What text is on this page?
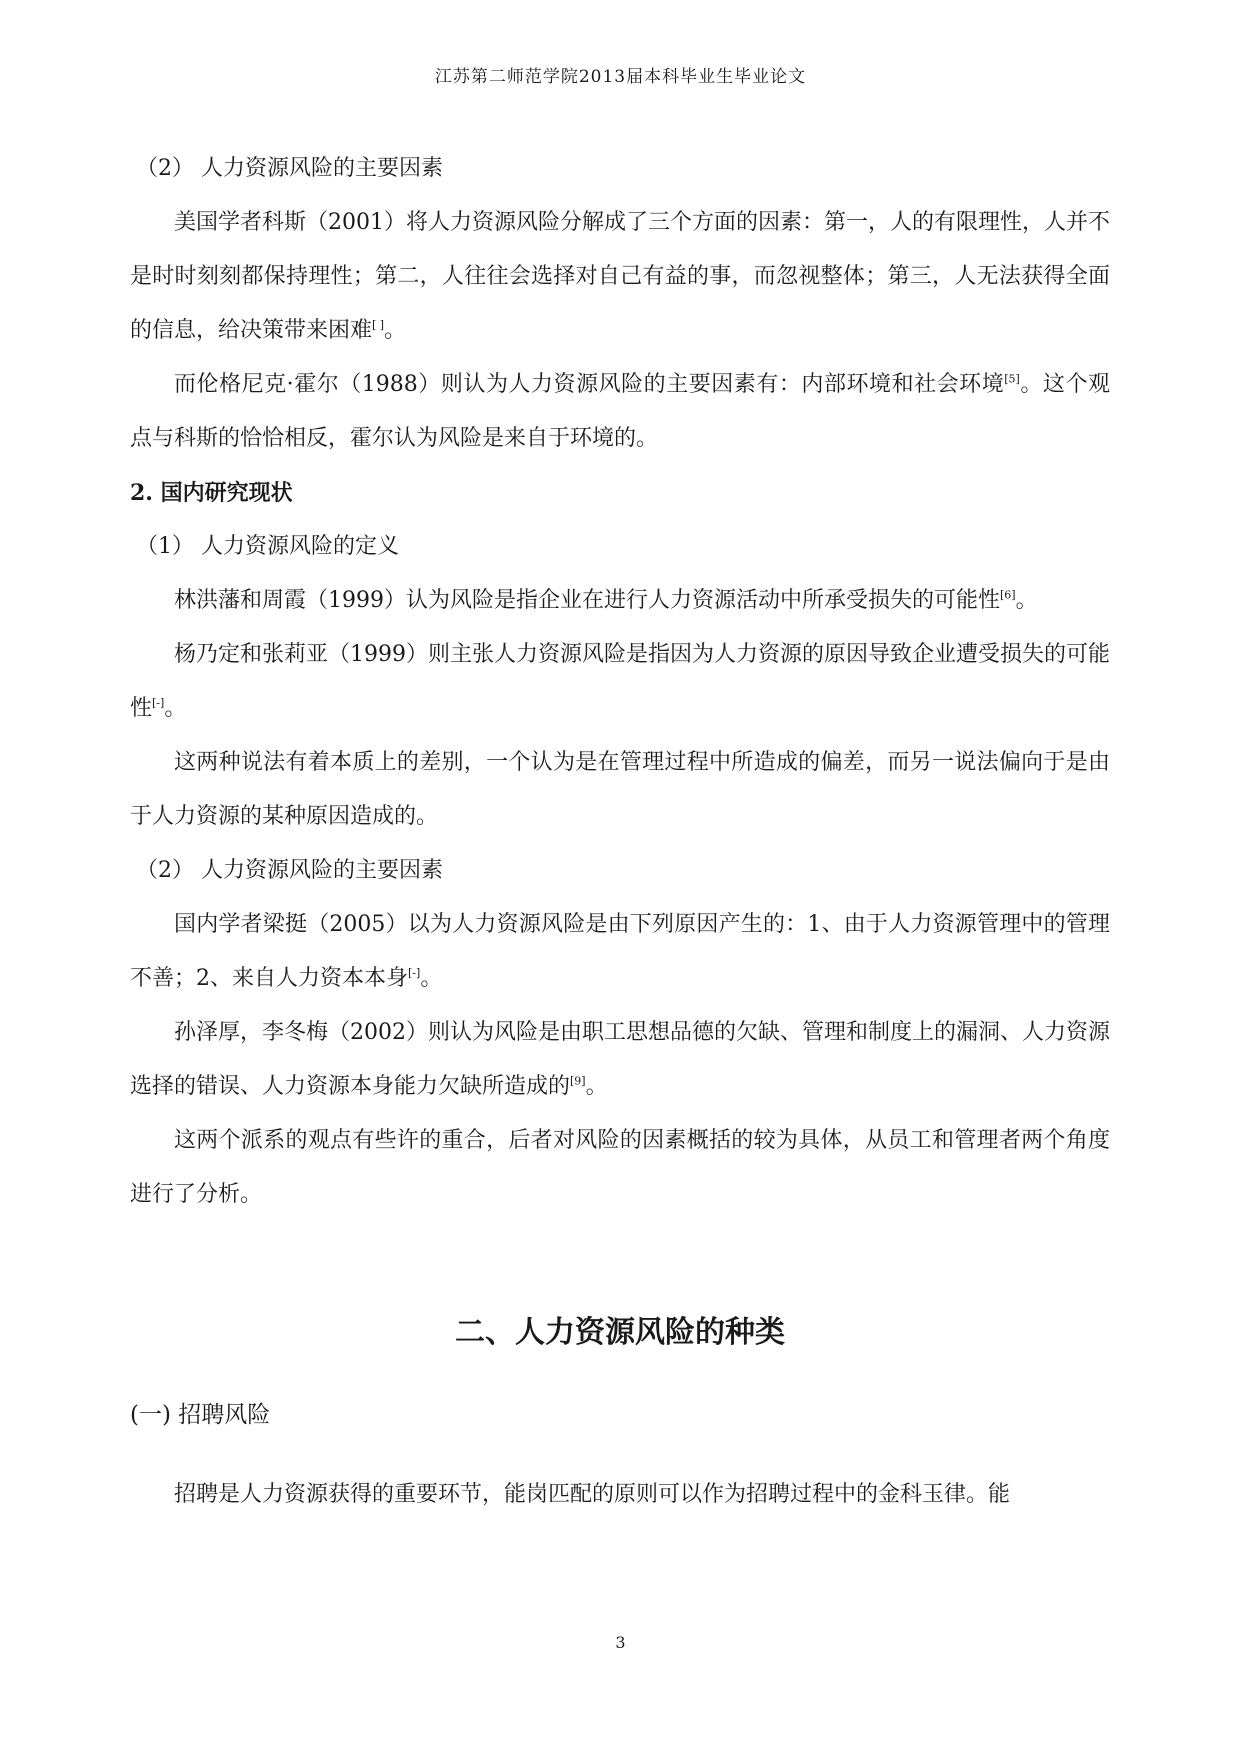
江苏第二师范学院2013届本科毕业生毕业论文

（2） 人力资源风险的主要因素

美国学者科斯（2001）将人力资源风险分解成了三个方面的因素：第一，人的有限理性，人并不是时时刻刻都保持理性；第二，人往往会选择对自己有益的事，而忽视整体；第三，人无法获得全面的信息，给决策带来困难[ ]。

而伦格尼克·霍尔（1988）则认为人力资源风险的主要因素有：内部环境和社会环境[5]。这个观点与科斯的恰恰相反，霍尔认为风险是来自于环境的。

2. 国内研究现状

（1） 人力资源风险的定义

林洪藩和周霞（1999）认为风险是指企业在进行人力资源活动中所承受损失的可能性[6]。

杨乃定和张莉亚（1999）则主张人力资源风险是指因为人力资源的原因导致企业遭受损失的可能性[-]。

这两种说法有着本质上的差别，一个认为是在管理过程中所造成的偏差，而另一说法偏向于是由于人力资源的某种原因造成的。

（2） 人力资源风险的主要因素

国内学者梁挺（2005）以为人力资源风险是由下列原因产生的：1、由于人力资源管理中的管理不善；2、来自人力资本本身[-]。

孙泽厚，李冬梅（2002）则认为风险是由职工思想品德的欠缺、管理和制度上的漏洞、人力资源选择的错误、人力资源本身能力欠缺所造成的[9]。

这两个派系的观点有些许的重合，后者对风险的因素概括的较为具体，从员工和管理者两个角度进行了分析。

二、人力资源风险的种类

(一) 招聘风险

招聘是人力资源获得的重要环节，能岗匹配的原则可以作为招聘过程中的金科玉律。能

3
